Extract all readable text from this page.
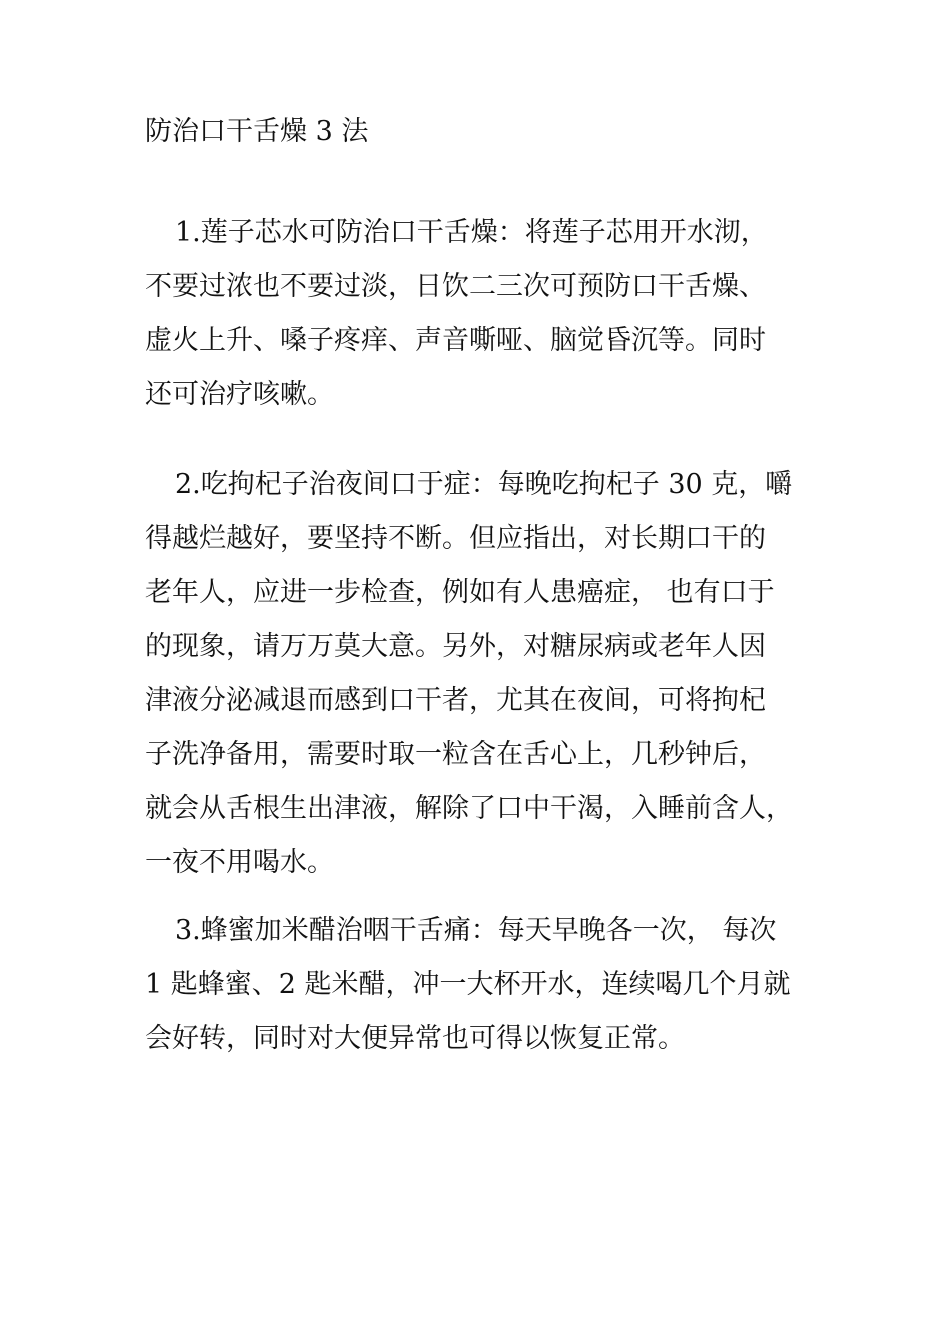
防治口干舌燥 3 法
1.莲子芯水可防治口干舌燥：将莲子芯用开水沏，
不要过浓也不要过淡，日饮二三次可预防口干舌燥、
虚火上升、嗓子疼痒、声音嘶哑、脑觉昏沉等。同时
还可治疗咳嗽。
2.吃拘杞子治夜间口于症：每晚吃拘杞子 30 克，嚼
得越烂越好，要坚持不断。但应指出，对长期口干的
老年人，应进一步检查，例如有人患癌症， 也有口于
的现象，请万万莫大意。另外，对糖尿病或老年人因
津液分泌减退而感到口干者，尤其在夜间，可将拘杞
子洗净备用，需要时取一粒含在舌心上，几秒钟后，
就会从舌根生出津液，解除了口中干渴，入睡前含人，
一夜不用喝水。
3.蜂蜜加米醋治咽干舌痛：每天早晚各一次， 每次
1 匙蜂蜜、2 匙米醋，冲一大杯开水，连续喝几个月就
会好转，同时对大便异常也可得以恢复正常。
